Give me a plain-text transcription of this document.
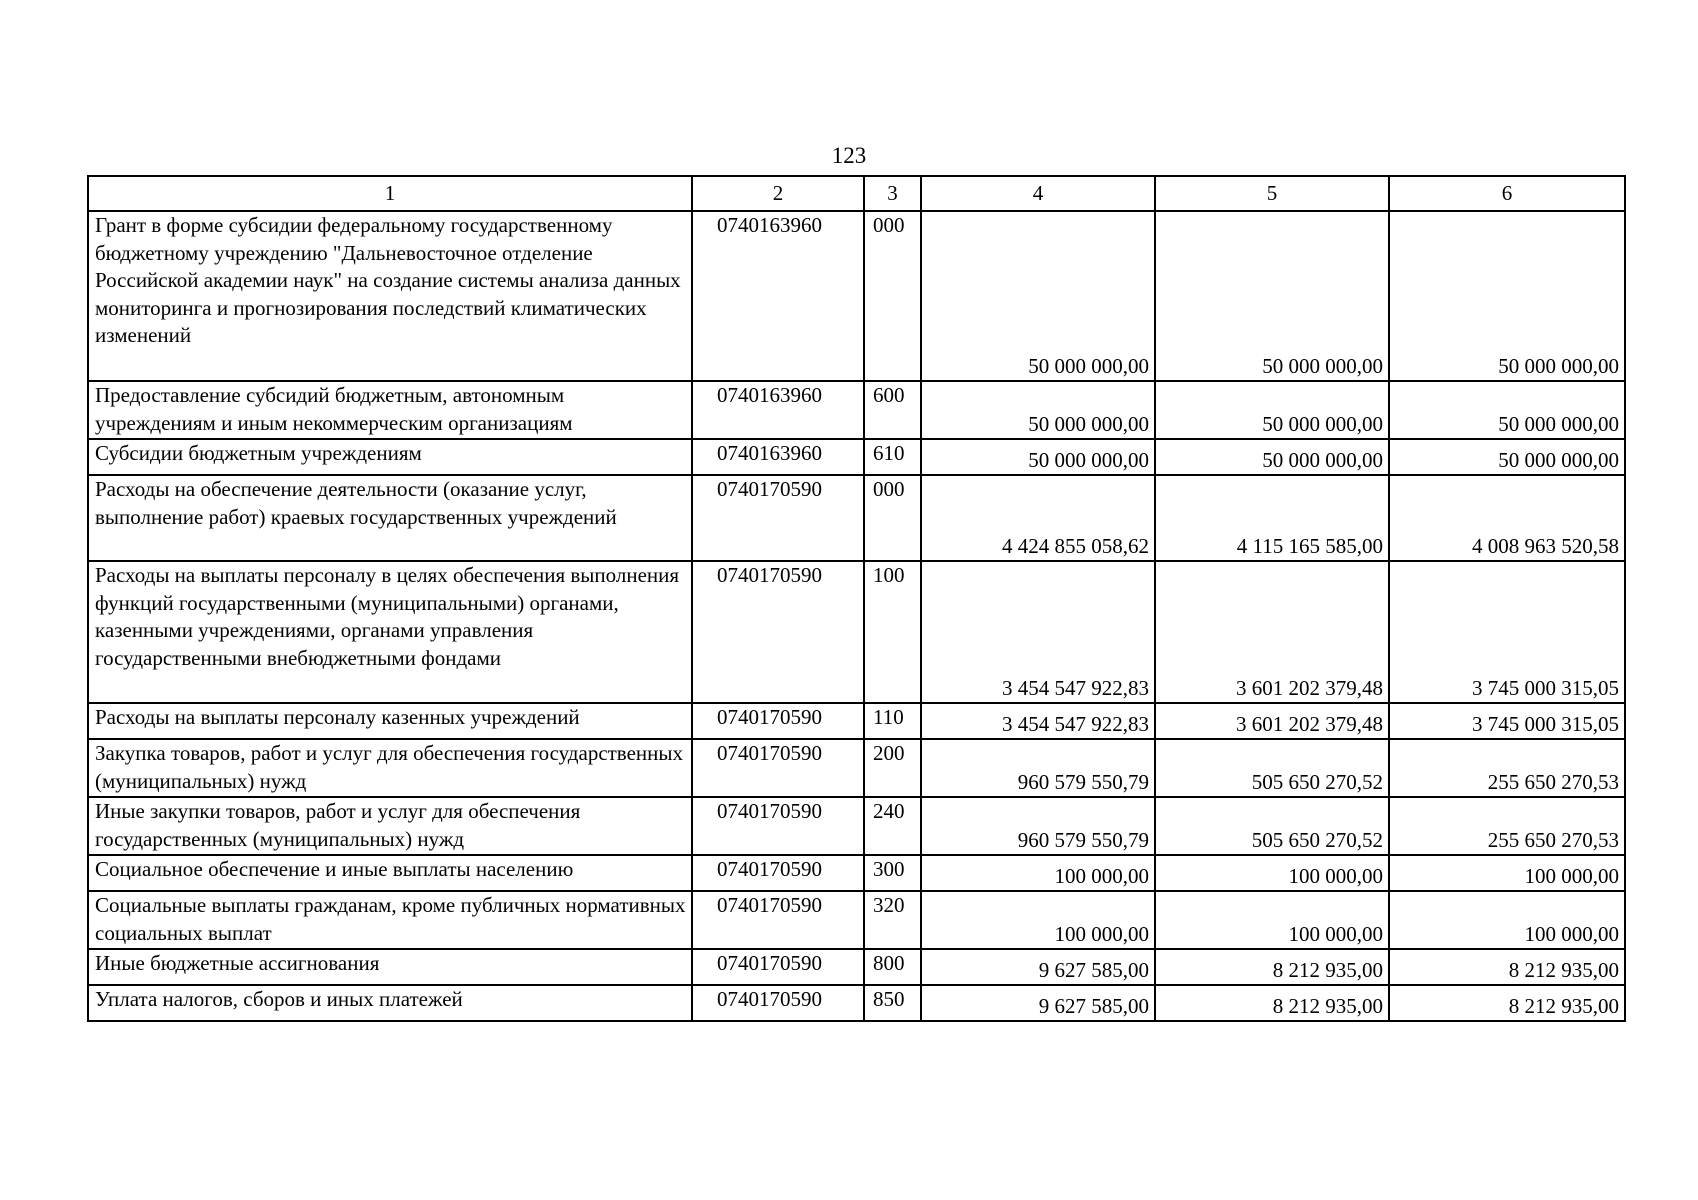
123
1	2	3	4	5	6
Грант в форме субсидии федеральному государственному бюджетному учреждению "Дальневосточное отделение Российской академии наук" на создание системы анализа данных мониторинга и прогнозирования последствий климатических изменений	0740163960	000	50 000 000,00	50 000 000,00	50 000 000,00
Предоставление субсидий бюджетным, автономным учреждениям и иным некоммерческим организациям	0740163960	600	50 000 000,00	50 000 000,00	50 000 000,00
Субсидии бюджетным учреждениям	0740163960	610	50 000 000,00	50 000 000,00	50 000 000,00
Расходы на обеспечение деятельности (оказание услуг, выполнение работ) краевых государственных учреждений	0740170590	000	4 424 855 058,62	4 115 165 585,00	4 008 963 520,58
Расходы на выплаты персоналу в целях обеспечения выполнения функций государственными (муниципальными) органами, казенными учреждениями, органами управления государственными внебюджетными фондами	0740170590	100	3 454 547 922,83	3 601 202 379,48	3 745 000 315,05
Расходы на выплаты персоналу казенных учреждений	0740170590	110	3 454 547 922,83	3 601 202 379,48	3 745 000 315,05
Закупка товаров, работ и услуг для обеспечения государственных (муниципальных) нужд	0740170590	200	960 579 550,79	505 650 270,52	255 650 270,53
Иные закупки товаров, работ и услуг для обеспечения государственных (муниципальных) нужд	0740170590	240	960 579 550,79	505 650 270,52	255 650 270,53
Социальное обеспечение и иные выплаты населению	0740170590	300	100 000,00	100 000,00	100 000,00
Социальные выплаты гражданам, кроме публичных нормативных социальных выплат	0740170590	320	100 000,00	100 000,00	100 000,00
Иные бюджетные ассигнования	0740170590	800	9 627 585,00	8 212 935,00	8 212 935,00
Уплата налогов, сборов и иных платежей	0740170590	850	9 627 585,00	8 212 935,00	8 212 935,00
